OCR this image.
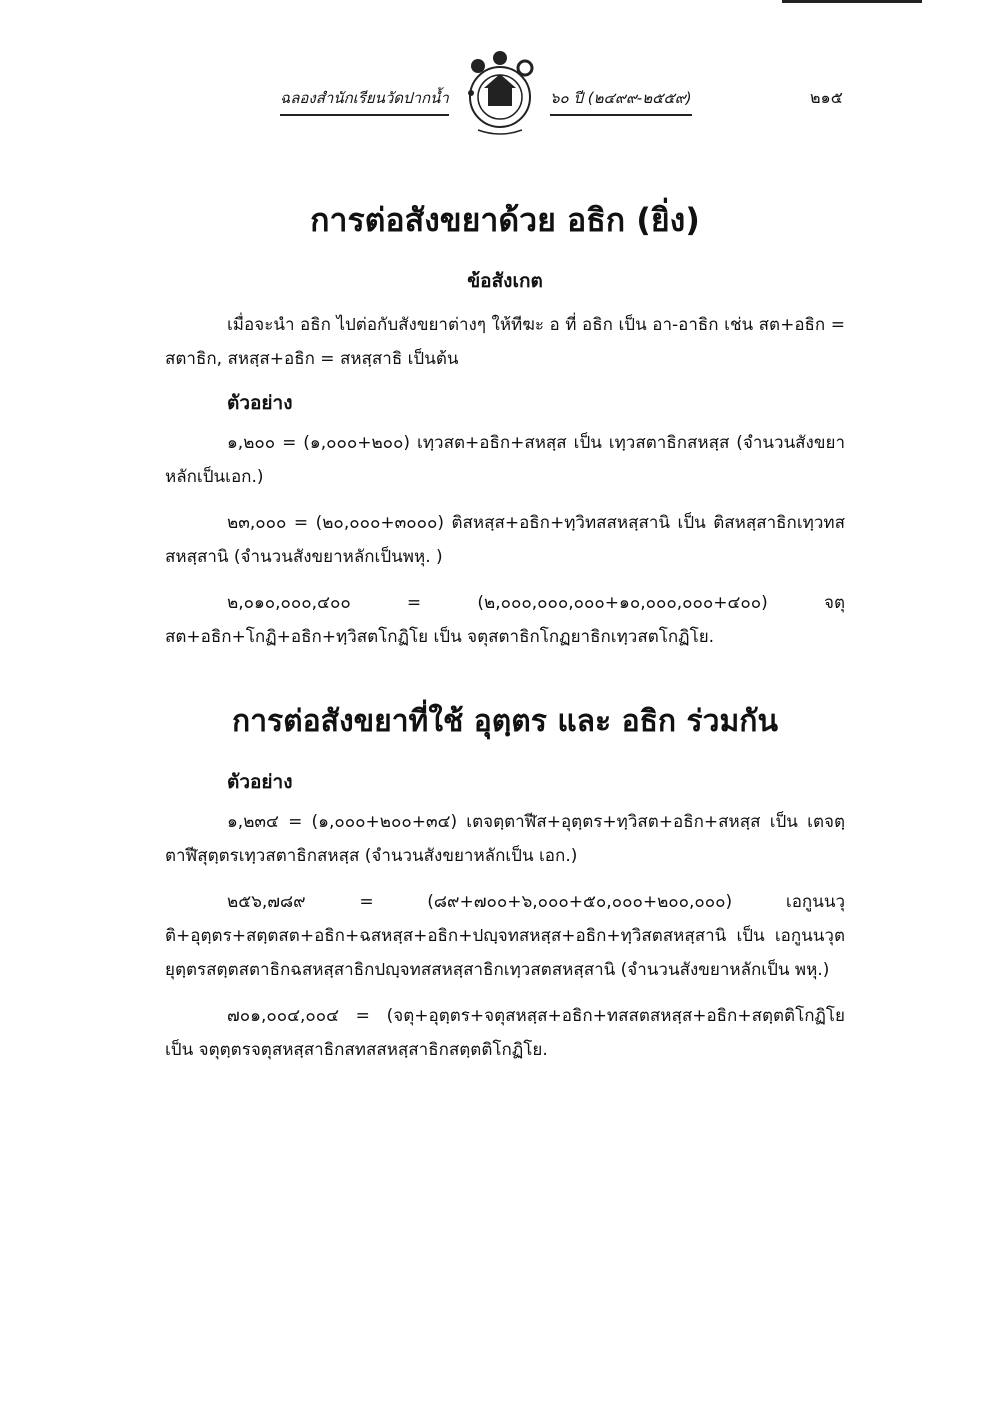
ฉลองสำนักเรียนวัดปากน้ำ	๖๐ ปี (๒๔๙๙-๒๕๕๙)	๒๑๕
การต่อสังขยาด้วย อธิก (ยิ่ง)
ข้อสังเกต

เมื่อจะนำ อธิก ไปต่อกับสังขยาต่างๆ ให้ทีฆะ อ ที่ อธิก เป็น อา-อาธิก เช่น สต+อธิก = สตาธิก, สหสฺส+อธิก = สหสฺสาธิ เป็นต้น

ตัวอย่าง

๑,๒๐๐ = (๑,๐๐๐+๒๐๐) เทฺวสต+อธิก+สหสฺส เป็น เทฺวสตาธิกสหสฺส (จำนวนสังขยาหลักเป็นเอก.)

๒๓,๐๐๐ = (๒๐,๐๐๐+๓๐๐๐) ติสหสฺส+อธิก+ทฺวิทสสหสฺสานิ เป็น ติสหสฺสาธิกเทฺวทสสหสฺสานิ (จำนวนสังขยาหลักเป็นพหุ. )

๒,๐๑๐,๐๐๐,๔๐๐ = (๒,๐๐๐,๐๐๐,๐๐๐+๑๐,๐๐๐,๐๐๐+๔๐๐) จตุสต+อธิก+โกฏิ+อธิก+ทฺวิสตโกฏิโย เป็น จตุสตาธิกโกฏยาธิกเทฺวสตโกฏิโย.

การต่อสังขยาที่ใช้ อุตฺตร และ อธิก ร่วมกัน
ตัวอย่าง

๑,๒๓๔ = (๑,๐๐๐+๒๐๐+๓๔) เตจตฺตาฬีส+อุตฺตร+ทฺวิสต+อธิก+สหสฺส เป็น เตจตฺตาฬีสุตฺตรเทฺวสตาธิกสหสฺส (จำนวนสังขยาหลักเป็น เอก.)

๒๕๖,๗๘๙ = (๘๙+๗๐๐+๖,๐๐๐+๕๐,๐๐๐+๒๐๐,๐๐๐) เอกูนนวุติ+อุตฺตร+สตฺตสต+อธิก+ฉสหสฺส+อธิก+ปญฺจทสหสฺส+อธิก+ทฺวิสตสหสฺสานิ เป็น เอกูนนวุตยุตฺตรสตฺตสตาธิกฉสหสฺสาธิกปญฺจทสสหสฺสาธิกเทฺวสตสหสฺสานิ (จำนวนสังขยาหลักเป็น พหุ.)

๗๐๑,๐๐๔,๐๐๔ = (จตุ+อุตฺตร+จตุสหสฺส+อธิก+ทสสตสหสฺส+อธิก+สตฺตติโกฏิโย เป็น จตุตฺตรจตุสหสฺสาธิกสทสสหสฺสาธิกสตฺตติโกฏิโย.
